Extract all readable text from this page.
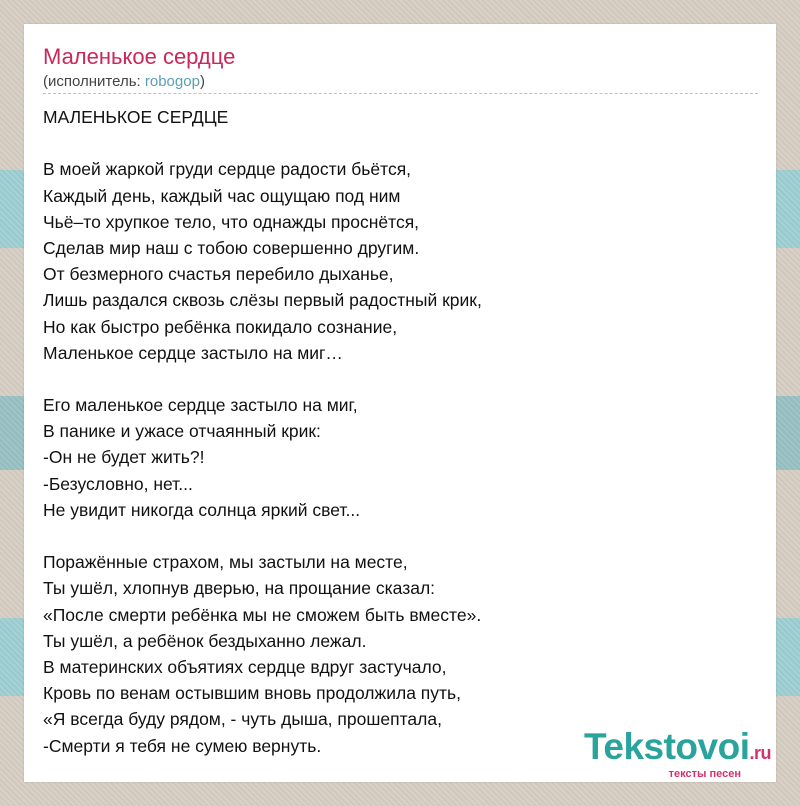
Маленькое сердце
(исполнитель: robogop)
МАЛЕНЬКОЕ СЕРДЦЕ
В моей жаркой груди сердце радости бьётся,
Каждый день, каждый час ощущаю под ним
Чьё–то хрупкое тело, что однажды проснётся,
Сделав мир наш с тобою совершенно другим.
От безмерного счастья перебило дыханье,
Лишь раздался сквозь слёзы первый радостный крик,
Но как быстро ребёнка покидало сознание,
Маленькое сердце застыло на миг…
Его маленькое сердце застыло на миг,
В панике и ужасе отчаянный крик:
-Он не будет жить?!
-Безусловно, нет...
Не увидит никогда солнца яркий свет...
Поражённые страхом, мы застыли на месте,
Ты ушёл, хлопнув дверью, на прощание сказал:
«После смерти ребёнка мы не сможем быть вместе».
Ты ушёл, а ребёнок бездыханно лежал.
В материнских объятиях сердце вдруг застучало,
Кровь по венам остывшим вновь продолжила путь,
«Я всегда буду рядом, - чуть дыша, прошептала,
-Смерти я тебя не сумею вернуть.	Tekstovoi.ru
тексты песен
